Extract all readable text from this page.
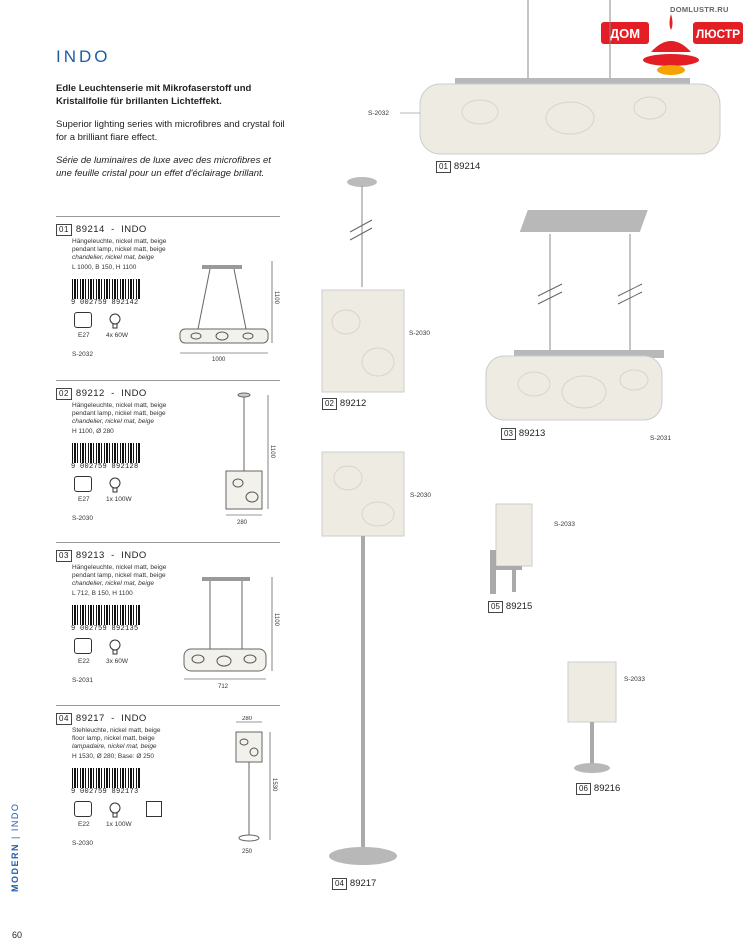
DOMLUSTR.RU
ДОМ	ЛЮСТР
INDO
Edle Leuchtenserie mit Mikrofaserstoff und Kristallfolie für brillanten Lichteffekt.
Superior lighting series with microfibres and crystal foil for a brilliant fiare effect.
Série de luminaires de luxe avec des microfibres et une feuille cristal pour un effet d'éclairage brillant.
01 89214  -  INDO
Hängeleuchte, nickel matt, beige
pendant lamp, nickel matt, beige
chandelier, nickel mat, beige
L 1000, B 150, H 1100
9 002759 892142
E27	4x 60W
S-2032
1000
1100
02 89212  -  INDO
Hängeleuchte, nickel matt, beige
pendant lamp, nickel matt, beige
chandelier, nickel mat, beige
H 1100, Ø 280
9 002759 892128
E27	1x 100W
S-2030
280
1100
03 89213  -  INDO
Hängeleuchte, nickel matt, beige
pendant lamp, nickel matt, beige
chandelier, nickel mat, beige
L 712, B 150, H 1100
9 002759 892135
E22	3x 60W
S-2031
712
1100
04 89217  -  INDO
Stehleuchte, nickel matt, beige
floor lamp, nickel matt, beige
lampadaire, nickel mat, beige
H 1530, Ø 280; Base: Ø 250
9 002759 892173
E22	1x 100W
S-2030
280
1530
250
S-2032
01 89214
S-2030
02 89212
S-2031
03 89213
S-2030
04 89217
S-2033
05 89215
S-2033
06 89216
MODERN | INDO
60
